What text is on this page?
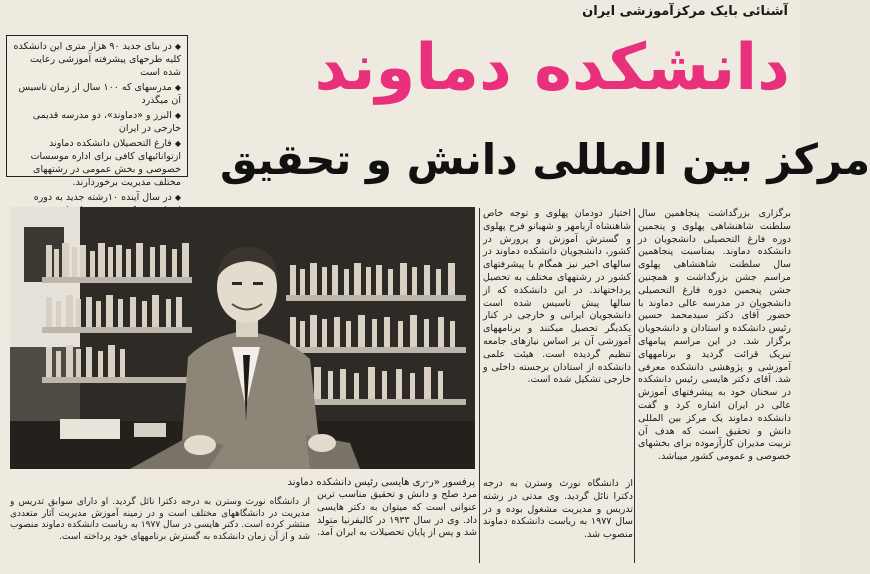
آشنائی بایک مرکزآموزشی ایران
دانشکده دماوند
مرکز بین المللی دانش و تحقیق

◆در بنای جدید ۹۰ هزار متری این دانشکده کلیه طرحهای پیشرفته آموزشی رعایت شده است

◆مدرسهای که ۱۰۰ سال از زمان تاسیس آن میگذرد

◆البرز و «دماوند»، دو مدرسه قدیمی خارجی در ایران

◆فارغ التحصیلان دانشکده دماوند ازتوانائیهای کافی برای اداره موسسات خصوصی و بخش عمومی در رشتههای مختلف مدیریت برخوردارند.

◆در سال آینده ۱۰رشته جدید به دوره

پرفسور «ر-ری هایسی رئیس دانشکده دماوند

برگزاری بزرگداشت پنجاهمین سال سلطنت شاهنشاهی پهلوی و پنجمین دوره فارغ التحصیلی دانشجویان در دانشکده دماوند. بمناسبت پنجاهمین سال سلطنت شاهنشاهی پهلوی مراسم جشن بزرگداشت و همچنین جشن پنجمین دوره فارغ التحصیلی دانشجویان در مدرسه عالی دماوند با حضور آقای دکتر سیدمحمد حسین رئیس دانشکده و استادان و دانشجویان برگزار شد. در این مراسم پیامهای تبریک قرائت گردید و برنامههای آموزشی و پژوهشی دانشکده معرفی شد. آقای دکتر هایسی رئیس دانشکده در سخنان خود به پیشرفتهای آموزش عالی در ایران اشاره کرد و گفت دانشکده دماوند یک مرکز بین المللی دانش و تحقیق است که هدف آن تربیت مدیران کارآزموده برای بخشهای خصوصی و عمومی کشور میباشد.

اختیار دودمان پهلوی و توجه خاص شاهنشاه آریامهر و شهبانو فرح پهلوی و گسترش آموزش و پرورش در کشور، دانشجویان دانشکده دماوند در سالهای اخیر نیز همگام با پیشرفتهای کشور در رشتههای مختلف به تحصیل پرداختهاند. در این دانشکده که از سالها پیش تاسیس شده است دانشجویان ایرانی و خارجی در کنار یکدیگر تحصیل میکنند و برنامههای آموزشی آن بر اساس نیازهای جامعه تنظیم گردیده است. هیئت علمی دانشکده از استادان برجسته داخلی و خارجی تشکیل شده است.

از دانشگاه نورث وسترن به درجه دکترا نائل گردید. وی مدتی در رشته تدریس و مدیریت مشغول بوده و در سال ۱۹۷۷ به ریاست دانشکده دماوند منصوب شد.

مرد صلح و دانش و تحقیق مناسب ترین عنوانی است که میتوان به دکتر هایسی داد. وی در سال ۱۹۳۳ در کالیفرنیا متولد شد و پس از پایان تحصیلات به ایران آمد.

از دانشگاه نورث وسترن به درجه دکترا نائل گردید. او دارای سوابق تدریس و مدیریت در دانشگاههای مختلف است و در زمینه آموزش مدیریت آثار متعددی منتشر کرده است. دکتر هایسی در سال ۱۹۷۷ به ریاست دانشکده دماوند منصوب شد و از آن زمان دانشکده به گسترش برنامههای خود پرداخته است.
